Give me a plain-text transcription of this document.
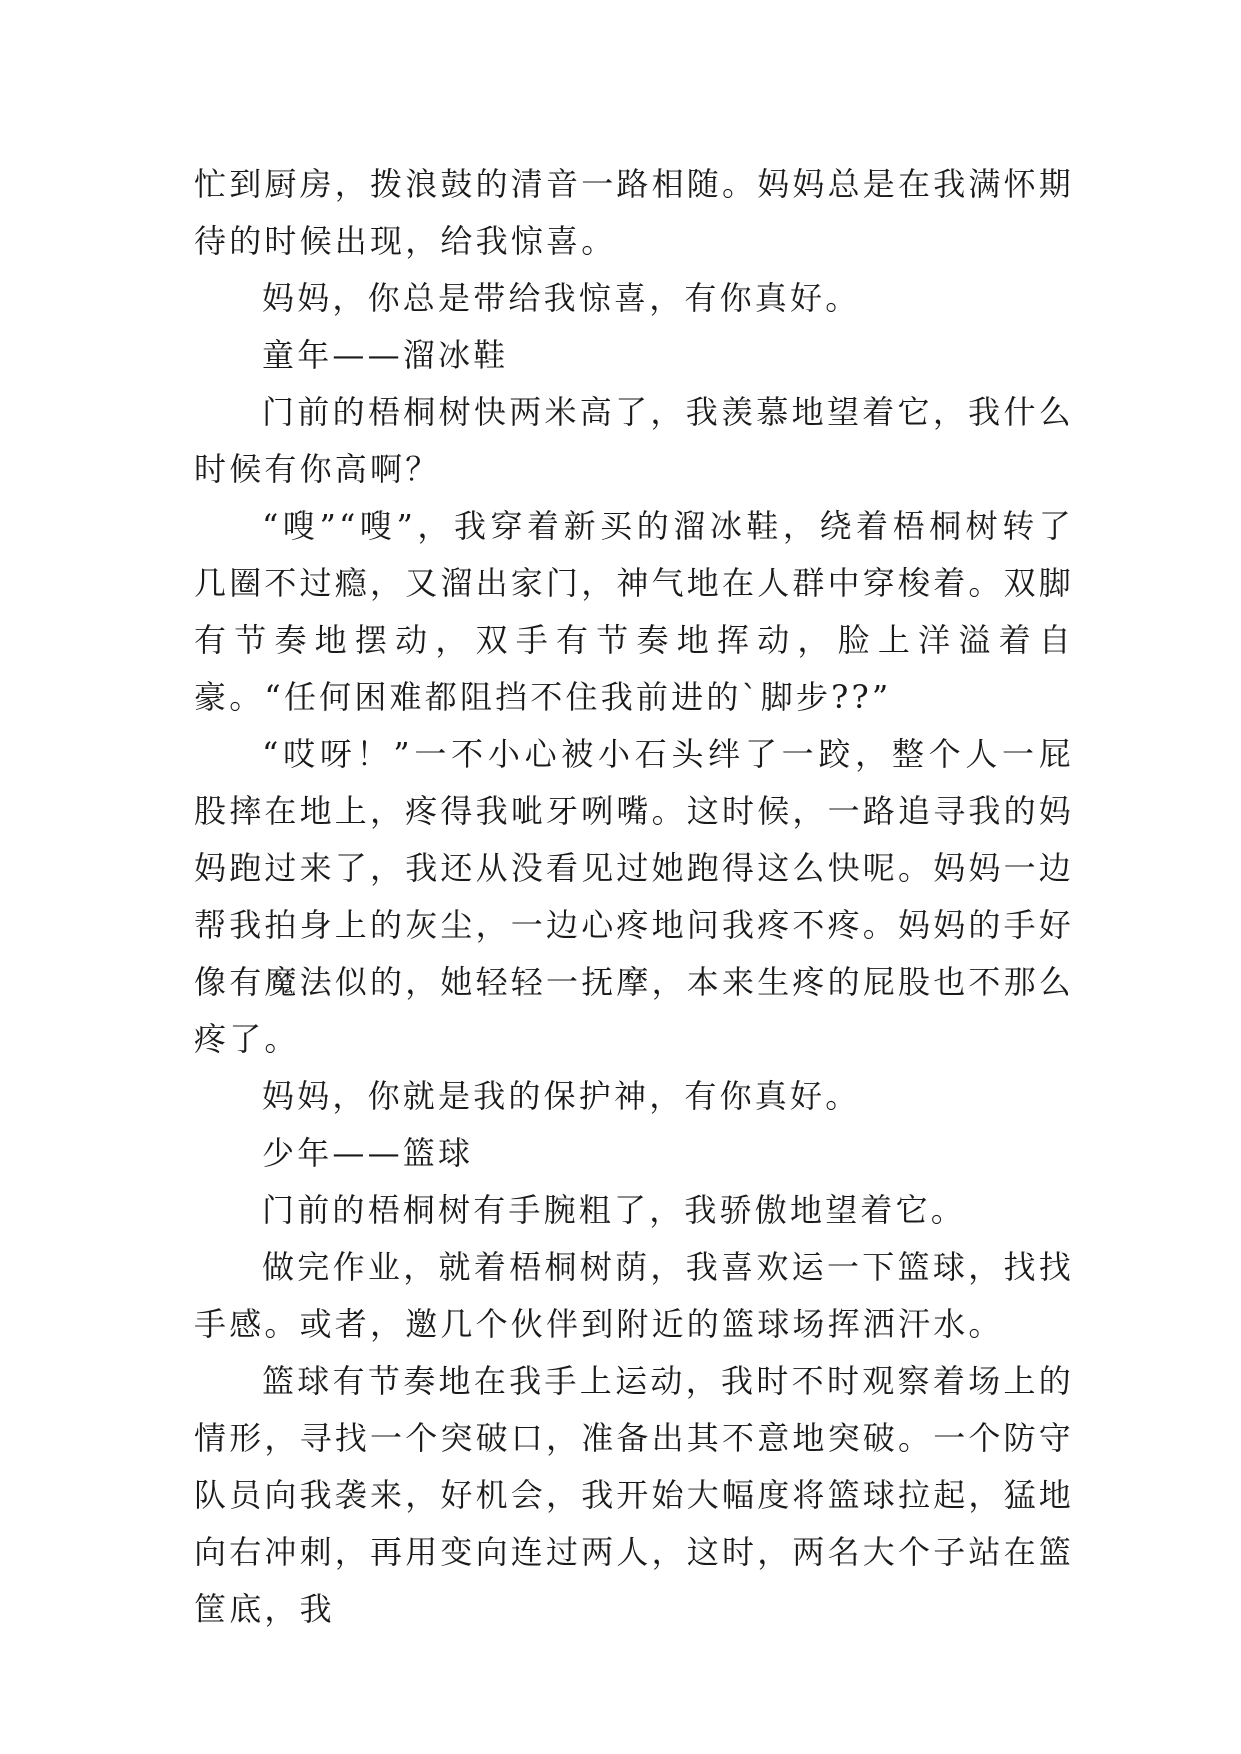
忙到厨房，拨浪鼓的清音一路相随。妈妈总是在我满怀期待的时候出现，给我惊喜。

妈妈，你总是带给我惊喜，有你真好。

童年——溜冰鞋

门前的梧桐树快两米高了，我羡慕地望着它，我什么时候有你高啊？

“嗖”“嗖”，我穿着新买的溜冰鞋，绕着梧桐树转了几圈不过瘾，又溜出家门，神气地在人群中穿梭着。双脚有节奏地摆动，双手有节奏地挥动，脸上洋溢着自豪。“任何困难都阻挡不住我前进的`脚步??”

“哎呀！”一不小心被小石头绊了一跤，整个人一屁股摔在地上，疼得我呲牙咧嘴。这时候，一路追寻我的妈妈跑过来了，我还从没看见过她跑得这么快呢。妈妈一边帮我拍身上的灰尘，一边心疼地问我疼不疼。妈妈的手好像有魔法似的，她轻轻一抚摩，本来生疼的屁股也不那么疼了。

妈妈，你就是我的保护神，有你真好。

少年——篮球

门前的梧桐树有手腕粗了，我骄傲地望着它。

做完作业，就着梧桐树荫，我喜欢运一下篮球，找找手感。或者，邀几个伙伴到附近的篮球场挥洒汗水。

篮球有节奏地在我手上运动，我时不时观察着场上的情形，寻找一个突破口，准备出其不意地突破。一个防守队员向我袭来，好机会，我开始大幅度将篮球拉起，猛地向右冲刺，再用变向连过两人，这时，两名大个子站在篮筐底，我
